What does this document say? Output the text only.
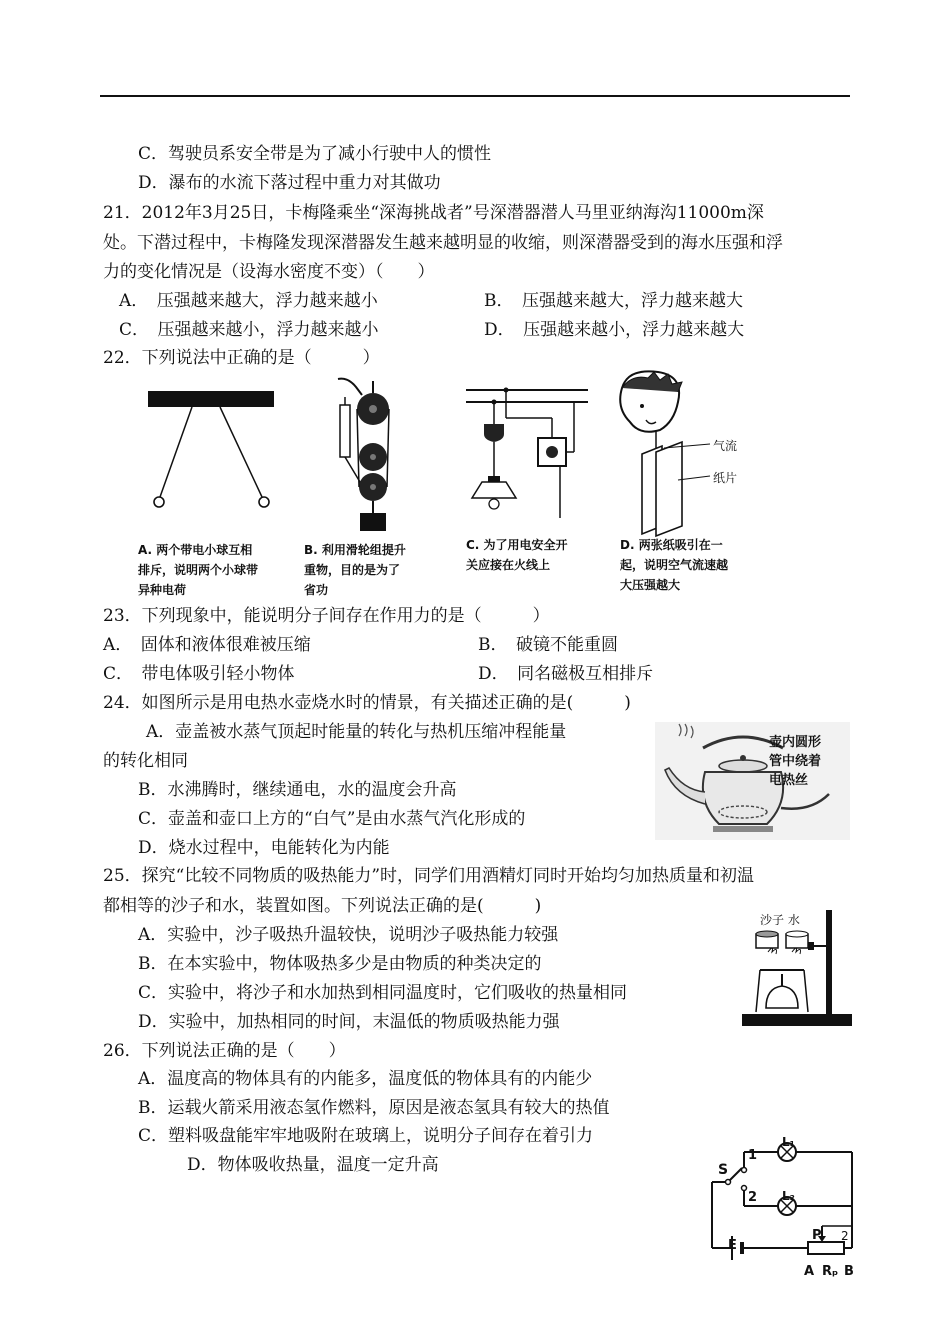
C．驾驶员系安全带是为了减小行驶中人的惯性
D．瀑布的水流下落过程中重力对其做功
21．2012年3月25日，卡梅隆乘坐“深海挑战者”号深潜器潜人马里亚纳海沟11000m深
处。下潜过程中，卡梅隆发现深潜器发生越来越明显的收缩，则深潜器受到的海水压强和浮
力的变化情况是（设海水密度不变）（　　）
A．　压强越来越大，浮力越来越小	B．　压强越来越大，浮力越来越大
C．　压强越来越小，浮力越来越小	D．　压强越来越小，浮力越来越大
22．下列说法中正确的是（　　　）
A. 两个带电小球互相
排斥，说明两个小球带
异种电荷
B. 利用滑轮组提升
重物，目的是为了
省功
C. 为了用电安全开
关应接在火线上
气流
纸片
D. 两张纸吸引在一
起，说明空气流速越
大压强越大
23．下列现象中，能说明分子间存在作用力的是（　　　）
A．　固体和液体很难被压缩	B．　破镜不能重圆
C．　带电体吸引轻小物体	D．　同名磁极互相排斥
24．如图所示是用电热水壶烧水时的情景，有关描述正确的是(　　　)
A．壶盖被水蒸气顶起时能量的转化与热机压缩冲程能量
的转化相同
B．水沸腾时，继续通电，水的温度会升高
C．壶盖和壶口上方的“白气”是由水蒸气汽化形成的
D．烧水过程中，电能转化为内能
壶内圆形
管中绕着
电热丝
25．探究“比较不同物质的吸热能力”时，同学们用酒精灯同时开始均匀加热质量和初温
都相等的沙子和水，装置如图。下列说法正确的是(　　　)
A．实验中，沙子吸热升温较快，说明沙子吸热能力较强
B．在本实验中，物体吸热多少是由物质的种类决定的
C．实验中，将沙子和水加热到相同温度时，它们吸收的热量相同
D．实验中，加热相同的时间，末温低的物质吸热能力强
沙子 水
26．下列说法正确的是（　　）
A．温度高的物体具有的内能多，温度低的物体具有的内能少
B．运载火箭采用液态氢作燃料，原因是液态氢具有较大的热值
C．塑料吸盘能牢牢地吸附在玻璃上，说明分子间存在着引力
D．物体吸收热量，温度一定升高
L₁
1
S
L₂
2
E
P 2
A Rₚ B
